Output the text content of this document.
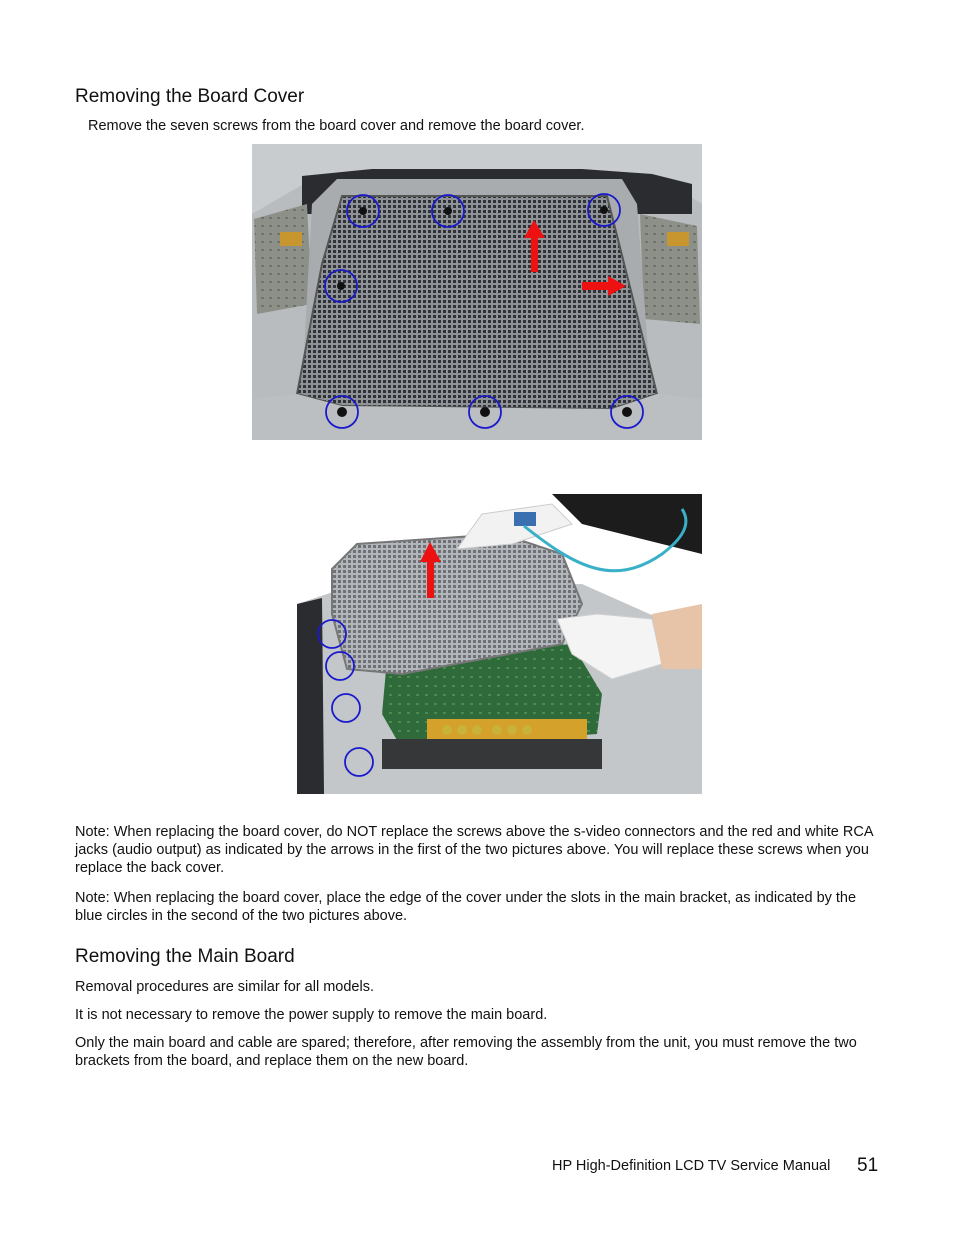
Removing the Board Cover

Remove the seven screws from the board cover and remove the board cover.

Note: When replacing the board cover, do NOT replace the screws above the s-video connectors and the red and white RCA jacks (audio output) as indicated by the arrows in the first of the two pictures above. You will replace these screws when you replace the back cover.

Note: When replacing the board cover, place the edge of the cover under the slots in the main bracket, as indicated by the blue circles in the second of the two pictures above.

Removing the Main Board

Removal procedures are similar for all models.

It is not necessary to remove the power supply to remove the main board.

Only the main board and cable are spared; therefore, after removing the assembly from the unit, you must remove the two brackets from the board, and replace them on the new board.

HP High-Definition LCD TV Service Manual 51
